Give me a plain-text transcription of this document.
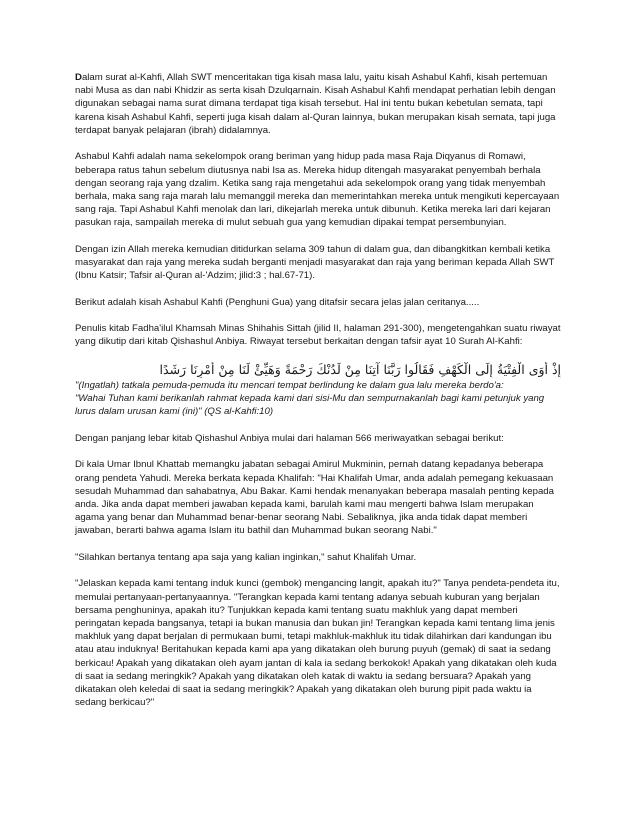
Dalam surat al-Kahfi, Allah SWT menceritakan tiga kisah masa lalu, yaitu kisah Ashabul Kahfi, kisah pertemuan nabi Musa as dan nabi Khidzir as serta kisah Dzulqarnain. Kisah Ashabul Kahfi mendapat perhatian lebih dengan digunakan sebagai nama surat dimana terdapat tiga kisah tersebut. Hal ini tentu bukan kebetulan semata, tapi karena kisah Ashabul Kahfi, seperti juga kisah dalam al-Quran lainnya, bukan merupakan kisah semata, tapi juga terdapat banyak pelajaran (ibrah) didalamnya.

Ashabul Kahfi adalah nama sekelompok orang beriman yang hidup pada masa Raja Diqyanus di Romawi, beberapa ratus tahun sebelum diutusnya nabi Isa as. Mereka hidup ditengah masyarakat penyembah berhala dengan seorang raja yang dzalim. Ketika sang raja mengetahui ada sekelompok orang yang tidak menyembah berhala, maka sang raja marah lalu memanggil mereka dan memerintahkan mereka untuk mengikuti kepercayaan sang raja. Tapi Ashabul Kahfi menolak dan lari, dikejarlah mereka untuk dibunuh. Ketika mereka lari dari kejaran pasukan raja, sampailah mereka di mulut sebuah gua yang kemudian dipakai tempat persembunyian.

Dengan izin Allah mereka kemudian ditidurkan selama 309 tahun di dalam gua, dan dibangkitkan kembali ketika masyarakat dan raja yang mereka sudah berganti menjadi masyarakat dan raja yang beriman kepada Allah SWT (Ibnu Katsir; Tafsir al-Quran al-'Adzim; jilid:3 ; hal.67-71).

Berikut adalah kisah Ashabul Kahfi (Penghuni Gua) yang ditafsir secara jelas jalan ceritanya.....

Penulis kitab Fadha'ilul Khamsah Minas Shihahis Sittah (jilid II, halaman 291-300), mengetengahkan suatu riwayat yang dikutip dari kitab Qishashul Anbiya. Riwayat tersebut berkaitan dengan tafsir ayat 10 Surah Al-Kahfi:

إِذْ أَوَى الْفِتْيَةُ إِلَى الْكَهْفِ فَقَالُوا رَبَّنَا آتِنَا مِنْ لَدُنْكَ رَحْمَةً وَهَيِّئْ لَنَا مِنْ أَمْرِنَا رَشَدًا
"(Ingatlah) tatkala pemuda-pemuda itu mencari tempat berlindung ke dalam gua lalu mereka berdo'a:
"Wahai Tuhan kami berikanlah rahmat kepada kami dari sisi-Mu dan sempurnakanlah bagi kami petunjuk yang lurus dalam urusan kami (ini)" (QS al-Kahfi:10)

Dengan panjang lebar kitab Qishashul Anbiya mulai dari halaman 566 meriwayatkan sebagai berikut:

Di kala Umar Ibnul Khattab memangku jabatan sebagai Amirul Mukminin, pernah datang kepadanya beberapa orang pendeta Yahudi. Mereka berkata kepada Khalifah: "Hai Khalifah Umar, anda adalah pemegang kekuasaan sesudah Muhammad dan sahabatnya, Abu Bakar. Kami hendak menanyakan beberapa masalah penting kepada anda. Jika anda dapat memberi jawaban kepada kami, barulah kami mau mengerti bahwa Islam merupakan agama yang benar dan Muhammad benar-benar seorang Nabi. Sebaliknya, jika anda tidak dapat memberi jawaban, berarti bahwa agama Islam itu bathil dan Muhammad bukan seorang Nabi."

"Silahkan bertanya tentang apa saja yang kalian inginkan," sahut Khalifah Umar.

"Jelaskan kepada kami tentang induk kunci (gembok) mengancing langit, apakah itu?" Tanya pendeta-pendeta itu, memulai pertanyaan-pertanyaannya. "Terangkan kepada kami tentang adanya sebuah kuburan yang berjalan bersama penghuninya, apakah itu? Tunjukkan kepada kami tentang suatu makhluk yang dapat memberi peringatan kepada bangsanya, tetapi ia bukan manusia dan bukan jin! Terangkan kepada kami tentang lima jenis makhluk yang dapat berjalan di permukaan bumi, tetapi makhluk-makhluk itu tidak dilahirkan dari kandungan ibu atau atau induknya! Beritahukan kepada kami apa yang dikatakan oleh burung puyuh (gemak) di saat ia sedang berkicau! Apakah yang dikatakan oleh ayam jantan di kala ia sedang berkokok! Apakah yang dikatakan oleh kuda di saat ia sedang meringkik? Apakah yang dikatakan oleh katak di waktu ia sedang bersuara? Apakah yang dikatakan oleh keledai di saat ia sedang meringkik? Apakah yang dikatakan oleh burung pipit pada waktu ia sedang berkicau?"
